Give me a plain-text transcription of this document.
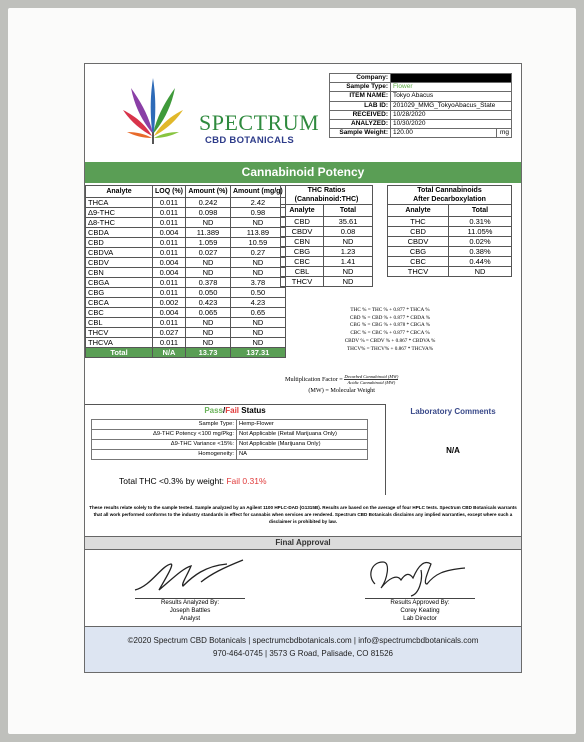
SPECTRUM
CBD BOTANICALS
Company:	
Sample Type:	Flower
ITEM NAME:	Tokyo Abacus
LAB ID:	201029_MMG_TokyoAbacus_State
RECEIVED:	10/28/2020
ANALYZED:	10/30/2020
Sample Weight:	120.00 mg
Cannabinoid Potency
Analyte	LOQ (%)	Amount (%)	Amount (mg/g)
THCA	0.011	0.242	2.42
Δ9-THC	0.011	0.098	0.98
Δ8-THC	0.011	ND	ND
CBDA	0.004	11.389	113.89
CBD	0.011	1.059	10.59
CBDVA	0.011	0.027	0.27
CBDV	0.004	ND	ND
CBN	0.004	ND	ND
CBGA	0.011	0.378	3.78
CBG	0.011	0.050	0.50
CBCA	0.002	0.423	4.23
CBC	0.004	0.065	0.65
CBL	0.011	ND	ND
THCV	0.027	ND	ND
THCVA	0.011	ND	ND
Total	N/A	13.73	137.31
THC Ratios
(Cannabinoid:THC)	
Analyte	Total
CBD	35.61
CBDV	0.08
CBN	ND
CBG	1.23
CBC	1.41
CBL	ND
THCV	ND
Total Cannabinoids
After Decarboxylation	
Analyte	Total
THC	0.31%
CBD	11.05%
CBDV	0.02%
CBG	0.38%
CBC	0.44%
THCV	ND
THC % = THC % + 0.877 * THCA %
CBD % = CBD % + 0.877 * CBDA %
CBG % = CBG % + 0.878 * CBGA %
CBC % = CBC % + 0.877 * CBCA %
CBDV % = CBDV % + 0.867 * CBDVA %
THCV% = THCV% + 0.867 * THCVA%
Multiplication Factor = $\frac{\text{Decarbed Cannabinoid (MW)}}{\text{Acidic Cannabinoid (MW)}}$
(MW) = Molecular Weight
Pass/Fail Status
Sample Type:	Hemp-Flower
Δ9-THC Potency <100 mg/Pkg:	Not Applicable (Retail Marijuana Only)
Δ9-THC Variance <15%:	Not Applicable (Marijuana Only)
Homogeneity:	NA
Total THC <0.3% by weight: Fail 0.31%
Laboratory Comments
N/A
These results relate solely to the sample tested. Sample analyzed by an Agilent 1100 HPLC-DAD (G1315B). Results are based on the average of four HPLC tests. Spectrum CBD Botanicals warrants that all work performed conforms to the industry standards in effect for cannabis when services are rendered. Spectrum CBD Botanicals disclaims any implied warranties, except where such a disclaimer is prohibited by law.
Final Approval
Results Analyzed By:
Joseph Battles
Analyst
Results Approved By:
Corey Keating
Lab Director
©2020 Spectrum CBD Botanicals | spectrumcbdbotanicals.com | info@spectrumcbdbotanicals.com
970-464-0745 | 3573 G Road, Palisade, CO 81526
